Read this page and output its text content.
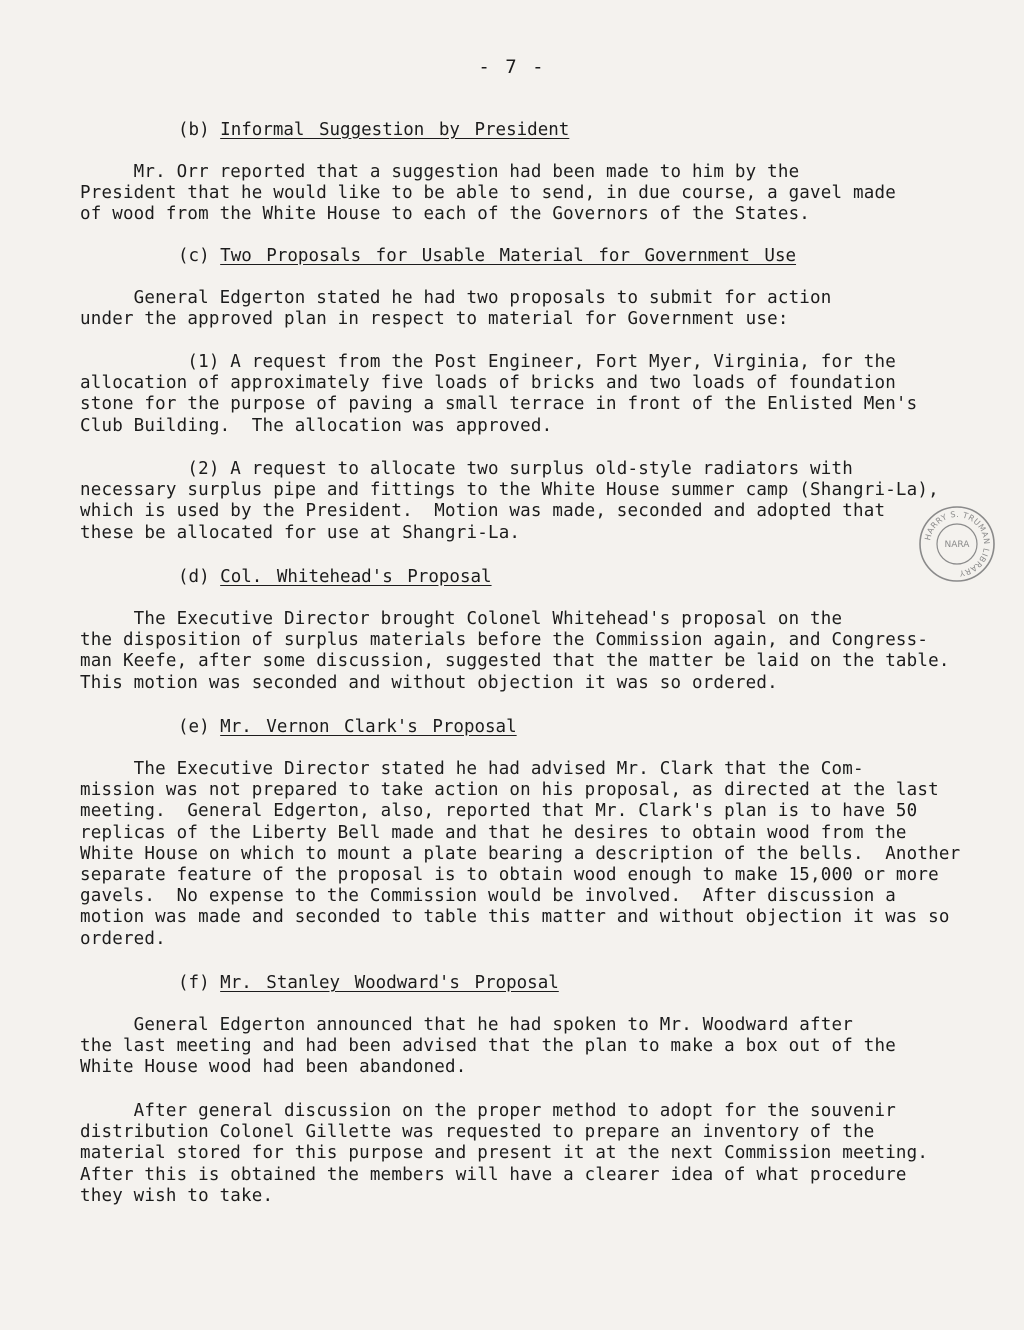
- 7 -
(b) Informal Suggestion by President
Mr. Orr reported that a suggestion had been made to him by the
President that he would like to be able to send, in due course, a gavel made
of wood from the White House to each of the Governors of the States.
(c) Two Proposals for Usable Material for Government Use
General Edgerton stated he had two proposals to submit for action
under the approved plan in respect to material for Government use:
(1) A request from the Post Engineer, Fort Myer, Virginia, for the
allocation of approximately five loads of bricks and two loads of foundation
stone for the purpose of paving a small terrace in front of the Enlisted Men's
Club Building.  The allocation was approved.
(2) A request to allocate two surplus old-style radiators with
necessary surplus pipe and fittings to the White House summer camp (Shangri-La),
which is used by the President.  Motion was made, seconded and adopted that
these be allocated for use at Shangri-La.
(d) Col. Whitehead's Proposal
The Executive Director brought Colonel Whitehead's proposal on the
the disposition of surplus materials before the Commission again, and Congress-
man Keefe, after some discussion, suggested that the matter be laid on the table.
This motion was seconded and without objection it was so ordered.
(e) Mr. Vernon Clark's Proposal
The Executive Director stated he had advised Mr. Clark that the Com-
mission was not prepared to take action on his proposal, as directed at the last
meeting.  General Edgerton, also, reported that Mr. Clark's plan is to have 50
replicas of the Liberty Bell made and that he desires to obtain wood from the
White House on which to mount a plate bearing a description of the bells.  Another
separate feature of the proposal is to obtain wood enough to make 15,000 or more
gavels.  No expense to the Commission would be involved.  After discussion a
motion was made and seconded to table this matter and without objection it was so
ordered.
(f) Mr. Stanley Woodward's Proposal
General Edgerton announced that he had spoken to Mr. Woodward after
the last meeting and had been advised that the plan to make a box out of the
White House wood had been abandoned.
After general discussion on the proper method to adopt for the souvenir
distribution Colonel Gillette was requested to prepare an inventory of the
material stored for this purpose and present it at the next Commission meeting.
After this is obtained the members will have a clearer idea of what procedure
they wish to take.
HARRY S. TRUMAN LIBRARY
NARA
